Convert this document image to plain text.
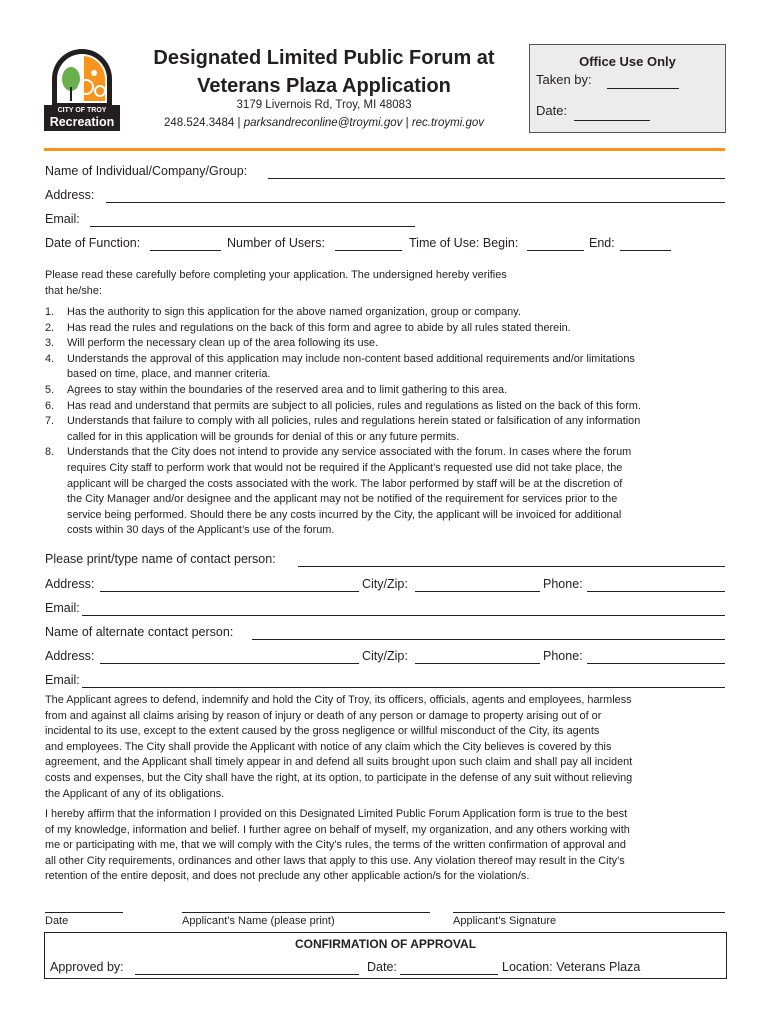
CITY OF TROY
Recreation
Designated Limited Public Forum at
Veterans Plaza Application
3179 Livernois Rd, Troy, MI 48083
248.524.3484 | parksandreconline@troymi.gov | rec.troymi.gov
Office Use Only
Taken by:
Date:
Name of Individual/Company/Group:
Address:
Email:
Date of Function:	Number of Users:	Time of Use: Begin:	End:
Please read these carefully before completing your application. The undersigned hereby verifies
that he/she:
1. Has the authority to sign this application for the above named organization, group or company.
2. Has read the rules and regulations on the back of this form and agree to abide by all rules stated therein.
3. Will perform the necessary clean up of the area following its use.
4. Understands the approval of this application may include non-content based additional requirements and/or limitations
based on time, place, and manner criteria.
5. Agrees to stay within the boundaries of the reserved area and to limit gathering to this area.
6. Has read and understand that permits are subject to all policies, rules and regulations as listed on the back of this form.
7. Understands that failure to comply with all policies, rules and regulations herein stated or falsification of any information
called for in this application will be grounds for denial of this or any future permits.
8. Understands that the City does not intend to provide any service associated with the forum. In cases where the forum
requires City staff to perform work that would not be required if the Applicant’s requested use did not take place, the
applicant will be charged the costs associated with the work. The labor performed by staff will be at the discretion of
the City Manager and/or designee and the applicant may not be notified of the requirement for services prior to the
service being performed. Should there be any costs incurred by the City, the applicant will be invoiced for additional
costs within 30 days of the Applicant’s use of the forum.
Please print/type name of contact person:
Address:	City/Zip:	Phone:
Email:
Name of alternate contact person:
Address:	City/Zip:	Phone:
Email:
The Applicant agrees to defend, indemnify and hold the City of Troy, its officers, officials, agents and employees, harmless
from and against all claims arising by reason of injury or death of any person or damage to property arising out of or
incidental to its use, except to the extent caused by the gross negligence or willful misconduct of the City, its agents
and employees. The City shall provide the Applicant with notice of any claim which the City believes is covered by this
agreement, and the Applicant shall timely appear in and defend all suits brought upon such claim and shall pay all incident
costs and expenses, but the City shall have the right, at its option, to participate in the defense of any suit without relieving
the Applicant of any of its obligations.
I hereby affirm that the information I provided on this Designated Limited Public Forum Application form is true to the best
of my knowledge, information and belief. I further agree on behalf of myself, my organization, and any others working with
me or participating with me, that we will comply with the City’s rules, the terms of the written confirmation of approval and
all other City requirements, ordinances and other laws that apply to this use. Any violation thereof may result in the City’s
retention of the entire deposit, and does not preclude any other applicable action/s for the violation/s.
Date	Applicant’s Name (please print)	Applicant’s Signature
CONFIRMATION OF APPROVAL
Approved by:	Date:	Location: Veterans Plaza
